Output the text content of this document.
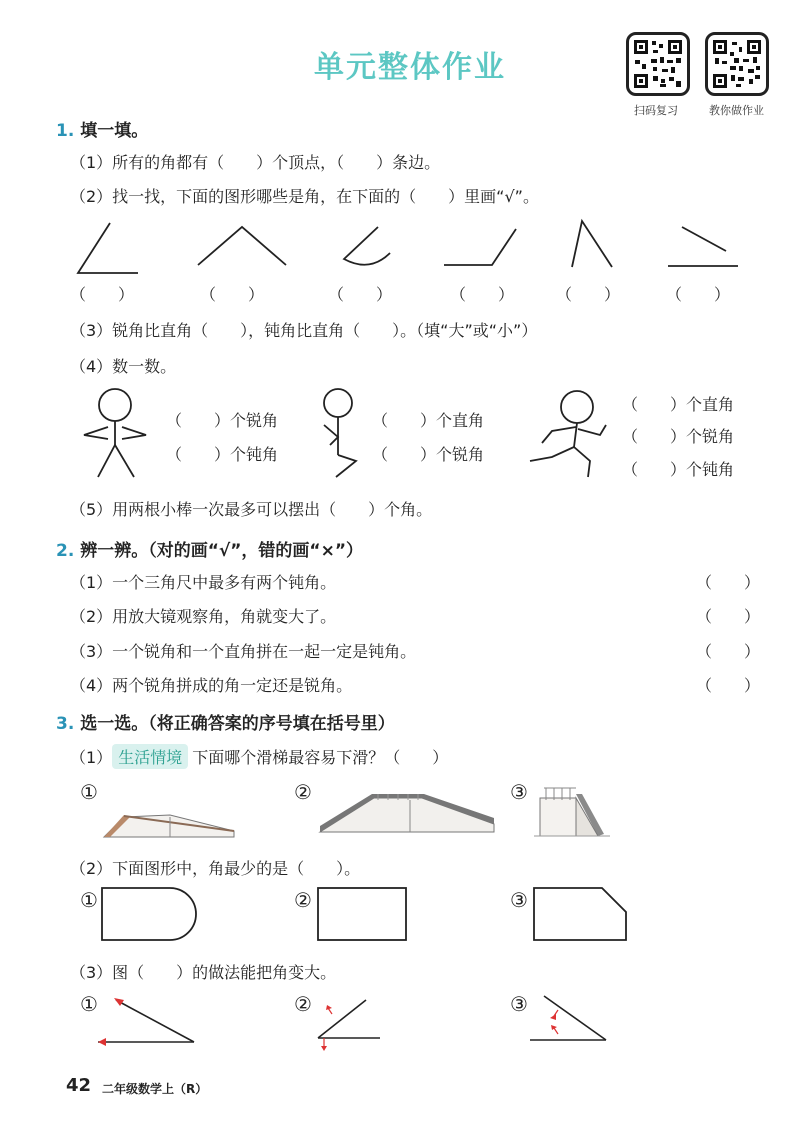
单元整体作业
扫码复习	教你做作业
1. 填一填。
（1）所有的角都有（　　）个顶点，（　　）条边。
（2）找一找，下面的图形哪些是角，在下面的（　　）里画“√”。
（　　）	（　　）	（　　）	（　　）	（　　）	（　　）
（3）锐角比直角（　　），钝角比直角（　　）。（填“大”或“小”）
（4）数一数。
（　　）个锐角
（　　）个钝角
（　　）个直角
（　　）个锐角
（　　）个直角
（　　）个锐角
（　　）个钝角
（5）用两根小棒一次最多可以摆出（　　）个角。
2. 辨一辨。（对的画“√”，错的画“×”）
（1）一个三角尺中最多有两个钝角。	（　　）
（2）用放大镜观察角，角就变大了。	（　　）
（3）一个锐角和一个直角拼在一起一定是钝角。	（　　）
（4）两个锐角拼成的角一定还是锐角。	（　　）
3. 选一选。（将正确答案的序号填在括号里）
（1） 生活情境 下面哪个滑梯最容易下滑？（　　）
①	②	③
（2）下面图形中，角最少的是（　　）。
①	②	③
（3）图（　　）的做法能把角变大。
①	②	③
42 二年级数学上（R）
